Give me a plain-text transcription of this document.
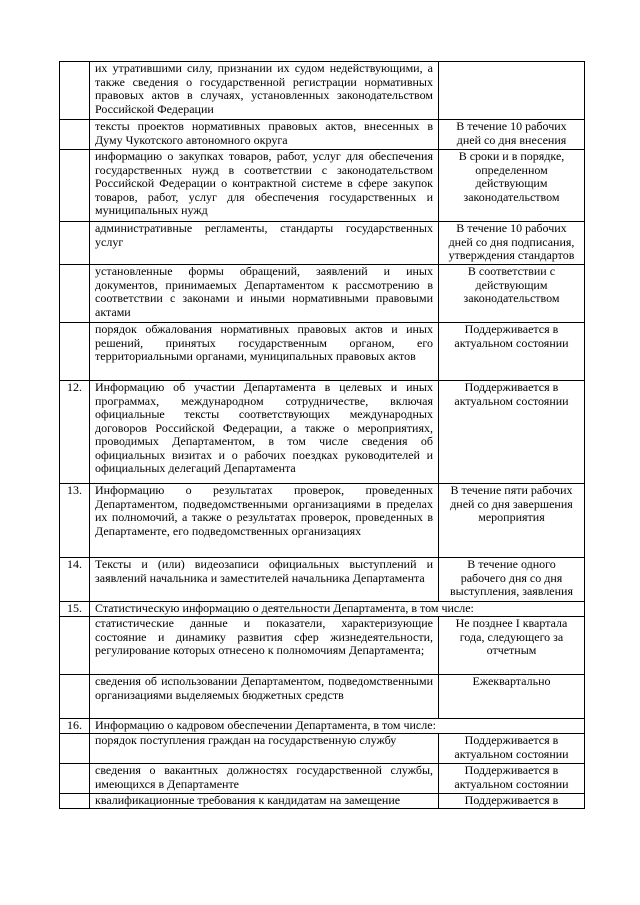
	их утратившими силу, признании их судом недействующими, а также сведения о государственной регистрации нормативных правовых актов в случаях, установленных законодательством Российской Федерации	
	тексты проектов нормативных правовых актов, внесенных в Думу Чукотского автономного округа	В течение 10 рабочих дней со дня внесения
	информацию о закупках товаров, работ, услуг для обеспечения государственных нужд в соответствии с законодательством Российской Федерации о контрактной системе в сфере закупок товаров, работ, услуг для обеспечения государственных и муниципальных нужд	В сроки и в порядке, определенном действующим законодательством
	административные регламенты, стандарты государственных услуг	В течение 10 рабочих дней со дня подписания, утверждения стандартов
	установленные формы обращений, заявлений и иных документов, принимаемых Департаментом к рассмотрению в соответствии с законами и иными нормативными правовыми актами	В соответствии с действующим законодательством
	порядок обжалования нормативных правовых актов и иных решений, принятых государственным органом, его территориальными органами, муниципальных правовых актов	Поддерживается в актуальном состоянии
12.	Информацию об участии Департамента в целевых и иных программах, международном сотрудничестве, включая официальные тексты соответствующих международных договоров Российской Федерации, а также о мероприятиях, проводимых Департаментом, в том числе сведения об официальных визитах и о рабочих поездках руководителей и официальных делегаций Департамента	Поддерживается в актуальном состоянии
13.	Информацию о результатах проверок, проведенных Департаментом, подведомственными организациями в пределах их полномочий, а также о результатах проверок, проведенных в Департаменте, его подведомственных организациях	В течение пяти рабочих дней со дня завершения мероприятия
14.	Тексты и (или) видеозаписи официальных выступлений и заявлений начальника и заместителей начальника Департамента	В течение одного рабочего дня со дня выступления, заявления
15.	Статистическую информацию о деятельности Департамента, в том числе:	
	статистические данные и показатели, характеризующие состояние и динамику развития сфер жизнедеятельности, регулирование которых отнесено к полномочиям Департамента;	Не позднее I квартала года, следующего за отчетным
	сведения об использовании Департаментом, подведомственными организациями выделяемых бюджетных средств	Ежеквартально
16.	Информацию о кадровом обеспечении Департамента, в том числе:	
	порядок поступления граждан на государственную службу	Поддерживается в актуальном состоянии
	сведения о вакантных должностях государственной службы, имеющихся в Департаменте	Поддерживается в актуальном состоянии
	квалификационные требования к кандидатам на замещение	Поддерживается в
